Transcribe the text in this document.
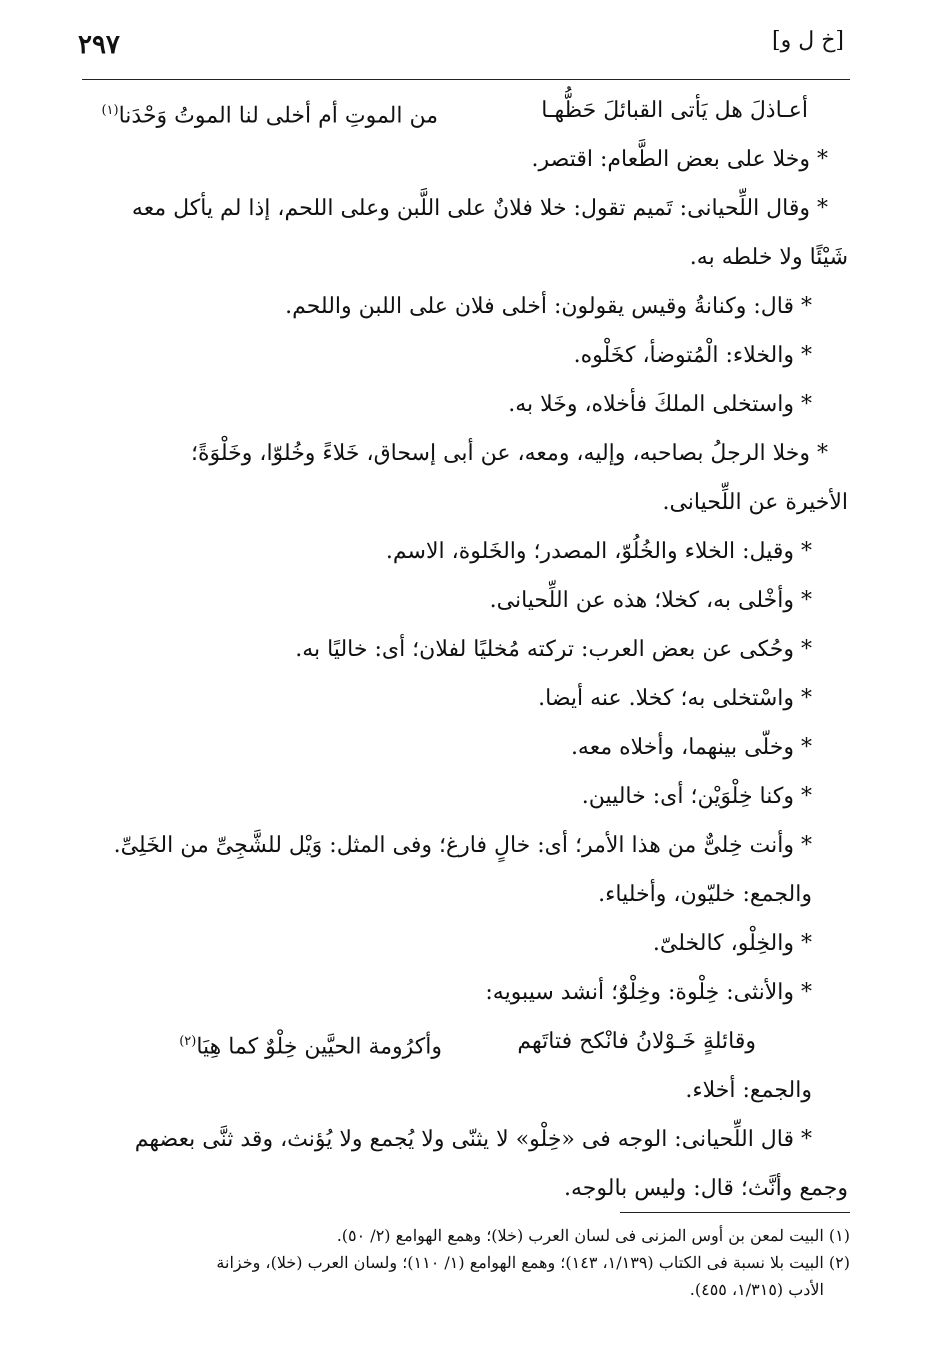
[خ ل و]
٢٩٧
أعـاذلَ هل يَأتى القبائلَ حَظُّهـا
من الموتِ أم أخلى لنا الموتُ وَحْدَنا$^{(١)}$
* وخلا على بعض الطَّعام: اقتصر.
* وقال اللِّحيانى: تَميم تقول: خلا فلانٌ على اللَّبن وعلى اللحم، إذا لم يأكل معه
شَيْئًا ولا خلطه به.
* قال: وكنانةُ وقيس يقولون: أخلى فلان على اللبن واللحم.
* والخلاء: الْمُتوضأ، كخَلْوه.
* واستخلى الملكَ فأخلاه، وخَلا به.
* وخلا الرجلُ بصاحبه، وإليه، ومعه، عن أبى إسحاق، خَلاءً وخُلوّا، وخَلْوَةً؛
الأخيرة عن اللِّحيانى.
* وقيل: الخلاء والخُلُوّ، المصدر؛ والخَلوة، الاسم.
* وأخْلى به، كخلا؛ هذه عن اللِّحيانى.
* وحُكى عن بعض العرب: تركته مُخليًا لفلان؛ أى: خاليًا به.
* واسْتخلى به؛ كخلا. عنه أيضا.
* وخلّى بينهما، وأخلاه معه.
* وكنا خِلْوَيْن؛ أى: خاليين.
* وأنت خِلىٌّ من هذا الأمر؛ أى: خالٍ فارغ؛ وفى المثل: وَيْل للشَّجِىِّ من الخَلِىِّ.
والجمع: خليّون، وأخلياء.
* والخِلْو، كالخلىّ.
* والأنثى: خِلْوة: وخِلْوٌ؛ أنشد سيبويه:
وقائلةٍ خَـوْلانُ فانْكح فتاتَهم
وأكرُومة الحيَّين خِلْوٌ كما هِيَا$^{(٢)}$
والجمع: أخلاء.
* قال اللِّحيانى: الوجه فى «خِلْو» لا يثنّى ولا يُجمع ولا يُؤنث، وقد ثنَّى بعضهم
وجمع وأنَّث؛ قال: وليس بالوجه.
(١) البيت لمعن بن أوس المزنى فى لسان العرب (خلا)؛ وهمع الهوامع (٢/ ٥٠).
(٢) البيت بلا نسبة فى الكتاب (١/١٣٩، ١٤٣)؛ وهمع الهوامع (١/ ١١٠)؛ ولسان العرب (خلا)، وخزانة
الأدب (١/٣١٥، ٤٥٥).
